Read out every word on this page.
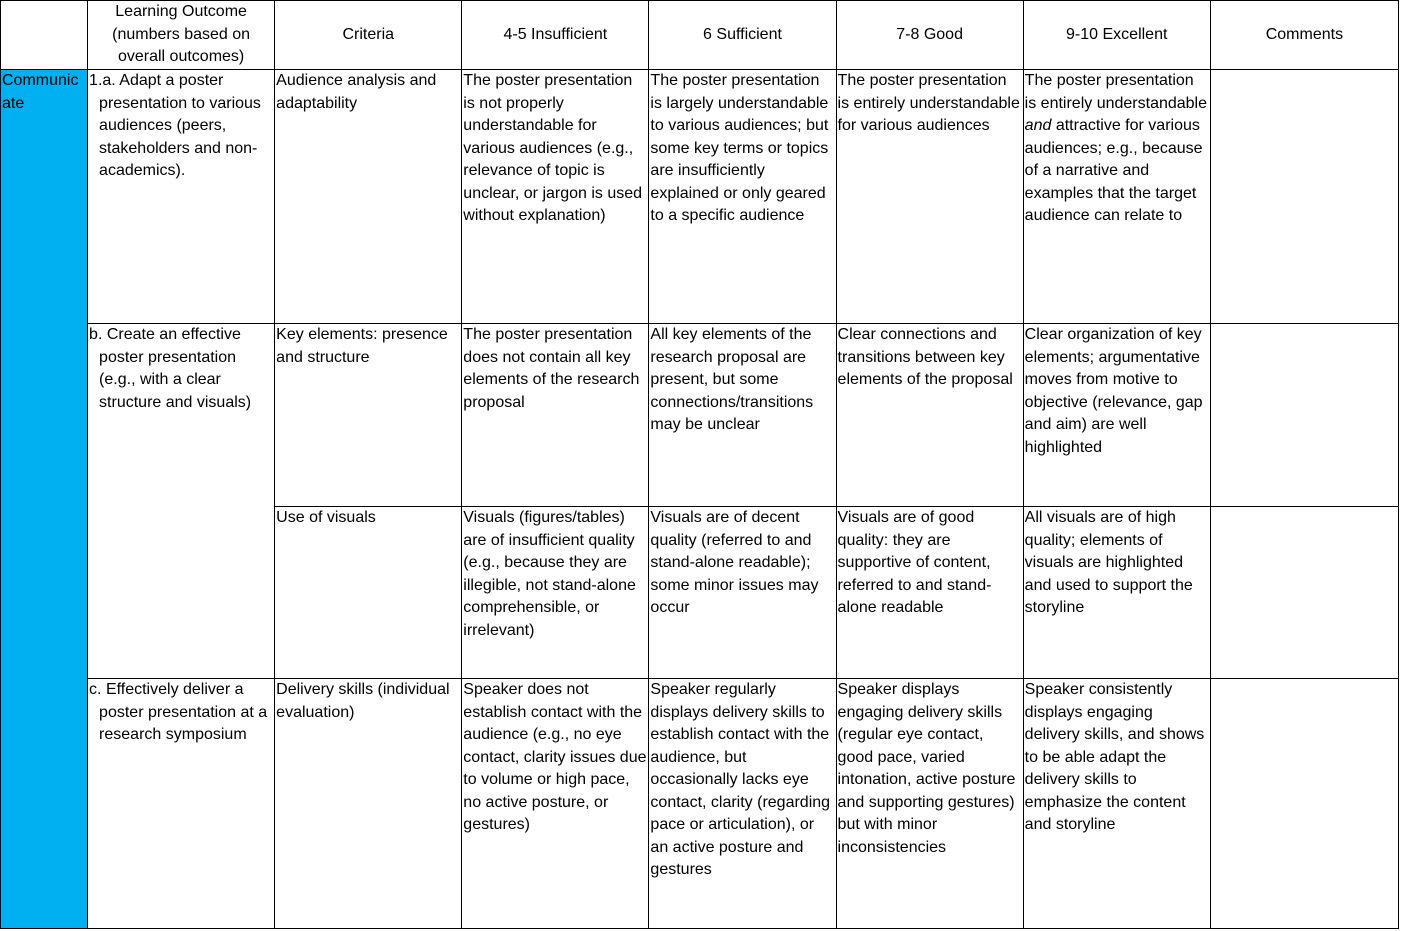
	Learning Outcome (numbers based on overall outcomes)	Criteria	4-5 Insufficient	6 Sufficient	7-8 Good	9-10 Excellent	Comments
Communicate	1.a. Adapt a poster presentation to various audiences (peers, stakeholders and non-academics).	Audience analysis and adaptability	The poster presentation is not properly understandable for various audiences (e.g., relevance of topic is unclear, or jargon is used without explanation)	The poster presentation is largely understandable to various audiences; but some key terms or topics are insufficiently explained or only geared to a specific audience	The poster presentation is entirely understandable for various audiences	The poster presentation is entirely understandable and attractive for various audiences; e.g., because of a narrative and examples that the target audience can relate to	

	b. Create an effective poster presentation (e.g., with a clear structure and visuals)	Key elements: presence and structure	The poster presentation does not contain all key elements of the research proposal	All key elements of the research proposal are present, but some connections/transitions may be unclear	Clear connections and transitions between key elements of the proposal	Clear organization of key elements; argumentative moves from motive to objective (relevance, gap and aim) are well highlighted	
		Use of visuals	Visuals (figures/tables) are of insufficient quality (e.g., because they are illegible, not stand-alone comprehensible, or irrelevant)	Visuals are of decent quality (referred to and stand-alone readable); some minor issues may occur	Visuals are of good quality: they are supportive of content, referred to and stand-alone readable	All visuals are of high quality; elements of visuals are highlighted and used to support the storyline	

	c. Effectively deliver a poster presentation at a research symposium	Delivery skills (individual evaluation)	Speaker does not establish contact with the audience (e.g., no eye contact, clarity issues due to volume or high pace, no active posture, or gestures)	Speaker regularly displays delivery skills to establish contact with the audience, but occasionally lacks eye contact, clarity (regarding pace or articulation), or an active posture and gestures	Speaker displays engaging delivery skills (regular eye contact, good pace, varied intonation, active posture and supporting gestures) but with minor inconsistencies	Speaker consistently displays engaging delivery skills, and shows to be able adapt the delivery skills to emphasize the content and storyline	
